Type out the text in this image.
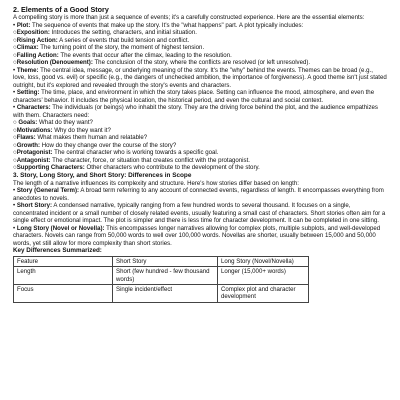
2. Elements of a Good Story

A compelling story is more than just a sequence of events; it's a carefully constructed experience. Here are the essential elements:

• Plot: The sequence of events that make up the story. It's the "what happens" part. A plot typically includes:

○Exposition: Introduces the setting, characters, and initial situation.

○Rising Action: A series of events that build tension and conflict.

○Climax: The turning point of the story, the moment of highest tension.

○Falling Action: The events that occur after the climax, leading to the resolution.

○Resolution (Denouement): The conclusion of the story, where the conflicts are resolved (or left unresolved).

• Theme: The central idea, message, or underlying meaning of the story. It's the "why" behind the events. Themes can be broad (e.g., love, loss, good vs. evil) or specific (e.g., the dangers of unchecked ambition, the importance of forgiveness). A good theme isn't just stated outright, but it's explored and revealed through the story's events and characters.

• Setting: The time, place, and environment in which the story takes place. Setting can influence the mood, atmosphere, and even the characters' behavior. It includes the physical location, the historical period, and even the cultural and social context.

• Characters: The individuals (or beings) who inhabit the story. They are the driving force behind the plot, and the audience empathizes with them. Characters need:

○ Goals: What do they want?

○Motivations: Why do they want it?

○Flaws: What makes them human and relatable?

○Growth: How do they change over the course of the story?

○Protagonist: The central character who is working towards a specific goal.

○Antagonist: The character, force, or situation that creates conflict with the protagonist.

○Supporting Characters: Other characters who contribute to the development of the story.

3. Story, Long Story, and Short Story: Differences in Scope

The length of a narrative influences its complexity and structure. Here's how stories differ based on length:

• Story (General Term): A broad term referring to any account of connected events, regardless of length. It encompasses everything from anecdotes to novels.

• Short Story: A condensed narrative, typically ranging from a few hundred words to several thousand. It focuses on a single, concentrated incident or a small number of closely related events, usually featuring a small cast of characters. Short stories often aim for a single effect or emotional impact. The plot is simpler and there is less time for character development. It can be completed in one sitting.

• Long Story (Novel or Novella): This encompasses longer narratives allowing for complex plots, multiple subplots, and well-developed characters. Novels can range from 50,000 words to well over 100,000 words. Novellas are shorter, usually between 15,000 and 50,000 words, yet still allow for more complexity than short stories.

Key Differences Summarized:

Feature	Short Story	Long Story (Novel/Novella)
Length	Short (few hundred - few thousand words)	Longer (15,000+ words)
Focus	Single incident/effect	Complex plot and character development
